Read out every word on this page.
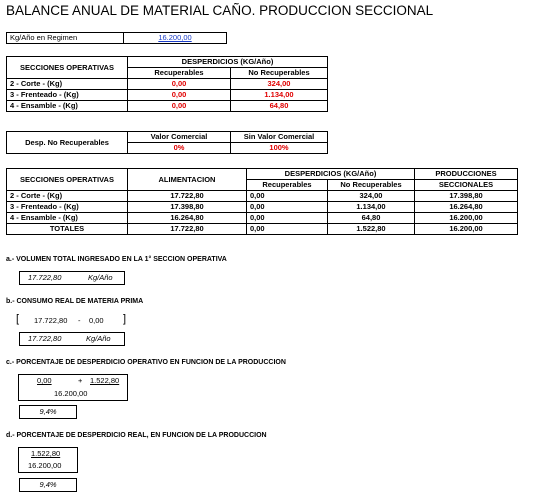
BALANCE ANUAL DE MATERIAL CAÑO. PRODUCCION SECCIONAL
Kg/Año en Regimen	16.200,00
SECCIONES OPERATIVAS	DESPERDICIOS (KG/Año)	
	Recuperables	No Recuperables
2 - Corte - (Kg)	0,00	324,00
3 - Frenteado - (Kg)	0,00	1.134,00
4 - Ensamble - (Kg)	0,00	64,80
Desp. No Recuperables	Valor Comercial	Sin Valor Comercial
	0%	100%
SECCIONES OPERATIVAS	ALIMENTACION	DESPERDICIOS (KG/Año)		PRODUCCIONES
		Recuperables	No Recuperables	SECCIONALES
2 - Corte - (Kg)	17.722,80	0,00	324,00	17.398,80
3 - Frenteado - (Kg)	17.398,80	0,00	1.134,00	16.264,80
4 - Ensamble - (Kg)	16.264,80	0,00	64,80	16.200,00
TOTALES	17.722,80	0,00	1.522,80	16.200,00
a.- VOLUMEN TOTAL INGRESADO EN LA 1° SECCION OPERATIVA
17.722,80	Kg/Año
b.- CONSUMO REAL DE MATERIA PRIMA
[ 17.722,80 - 0,00 ]
17.722,80	Kg/Año
c.- PORCENTAJE DE DESPERDICIO OPERATIVO EN FUNCION DE LA PRODUCCION
0,00	+ 1.522,80
16.200,00
9,4%
d.- PORCENTAJE DE DESPERDICIO REAL, EN FUNCION DE LA PRODUCCION
1.522,80
16.200,00
9,4%
